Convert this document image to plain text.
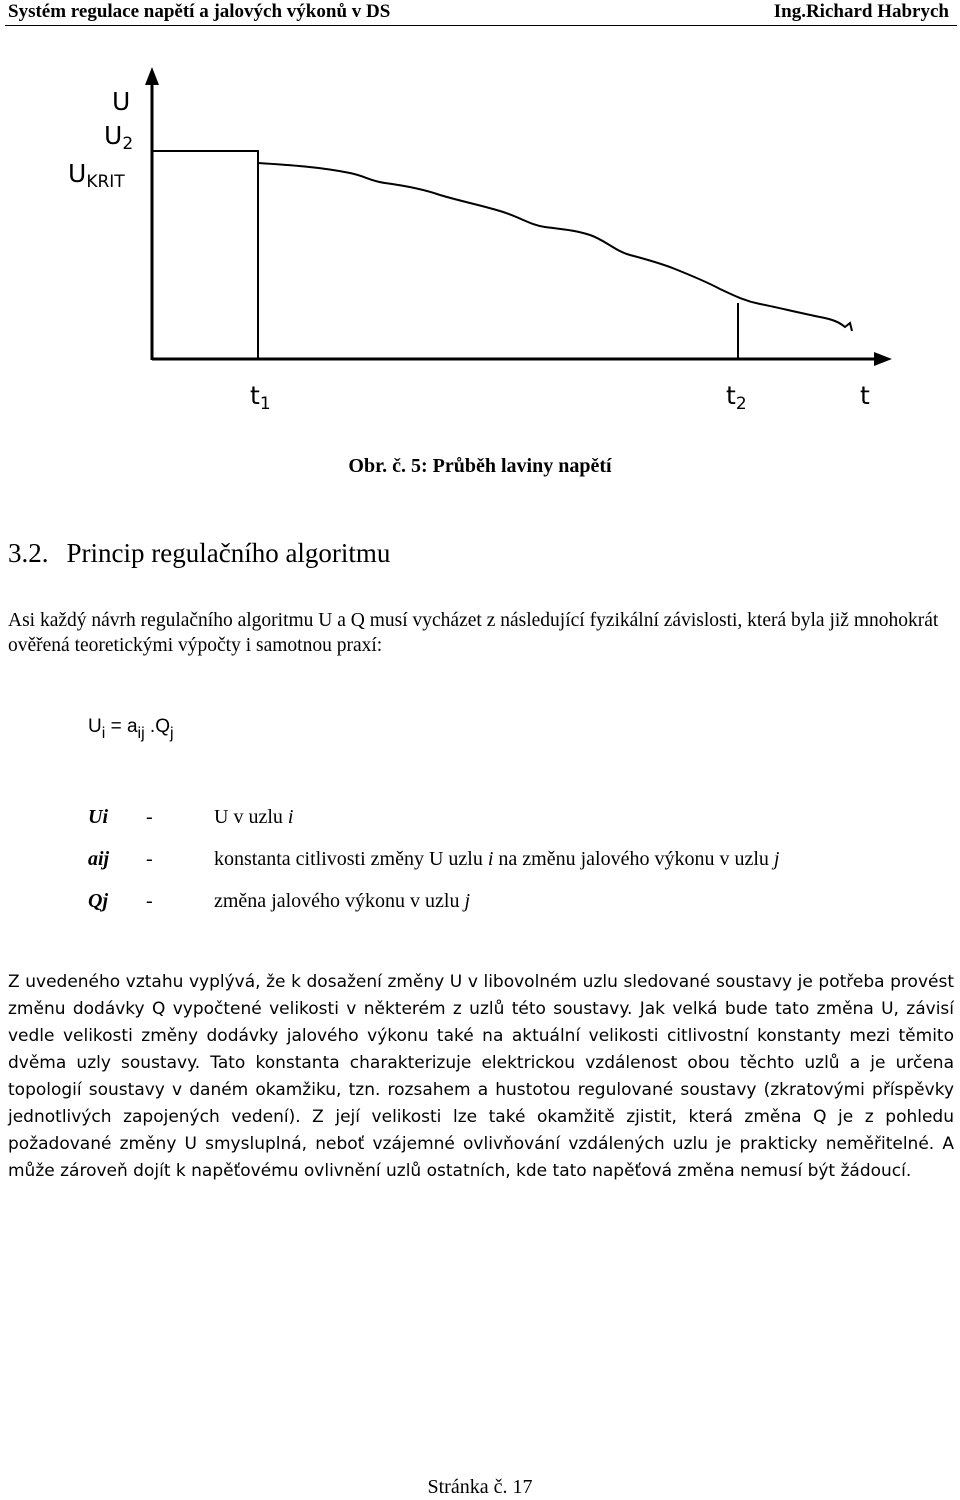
Systém regulace napětí a jalových výkonů v DS	Ing.Richard Habrych
U
$U_2$
$U_{KRIT}$
$t_1$	$t_2$	t
Obr. č. 5: Průběh laviny napětí
3.2. Princip regulačního algoritmu

Asi každý návrh regulačního algoritmu U a Q musí vycházet z následující fyzikální závislosti, která byla již mnohokrát ověřená teoretickými výpočty i samotnou praxí:

$U_i = a_{ij}$ $.Q_j$
Ui -	U v uzlu i
aij -	konstanta citlivosti změny U uzlu i na změnu jalového výkonu v uzlu j
Qj -	změna jalového výkonu v uzlu j

Z uvedeného vztahu vyplývá, že k dosažení změny U v libovolném uzlu sledované soustavy je potřeba provést změnu dodávky Q vypočtené velikosti v některém z uzlů této soustavy. Jak velká bude tato změna U, závisí vedle velikosti změny dodávky jalového výkonu také na aktuální velikosti citlivostní konstanty mezi těmito dvěma uzly soustavy. Tato konstanta charakterizuje elektrickou vzdálenost obou těchto uzlů a je určena topologií soustavy v daném okamžiku, tzn. rozsahem a hustotou regulované soustavy (zkratovými příspěvky jednotlivých zapojených vedení). Z její velikosti lze také okamžitě zjistit, která změna Q je z pohledu požadované změny U smysluplná, neboť vzájemné ovlivňování vzdálených uzlu je prakticky neměřitelné. A může zároveň dojít k napěťovému ovlivnění uzlů ostatních, kde tato napěťová změna nemusí být žádoucí.

Stránka č. 17
